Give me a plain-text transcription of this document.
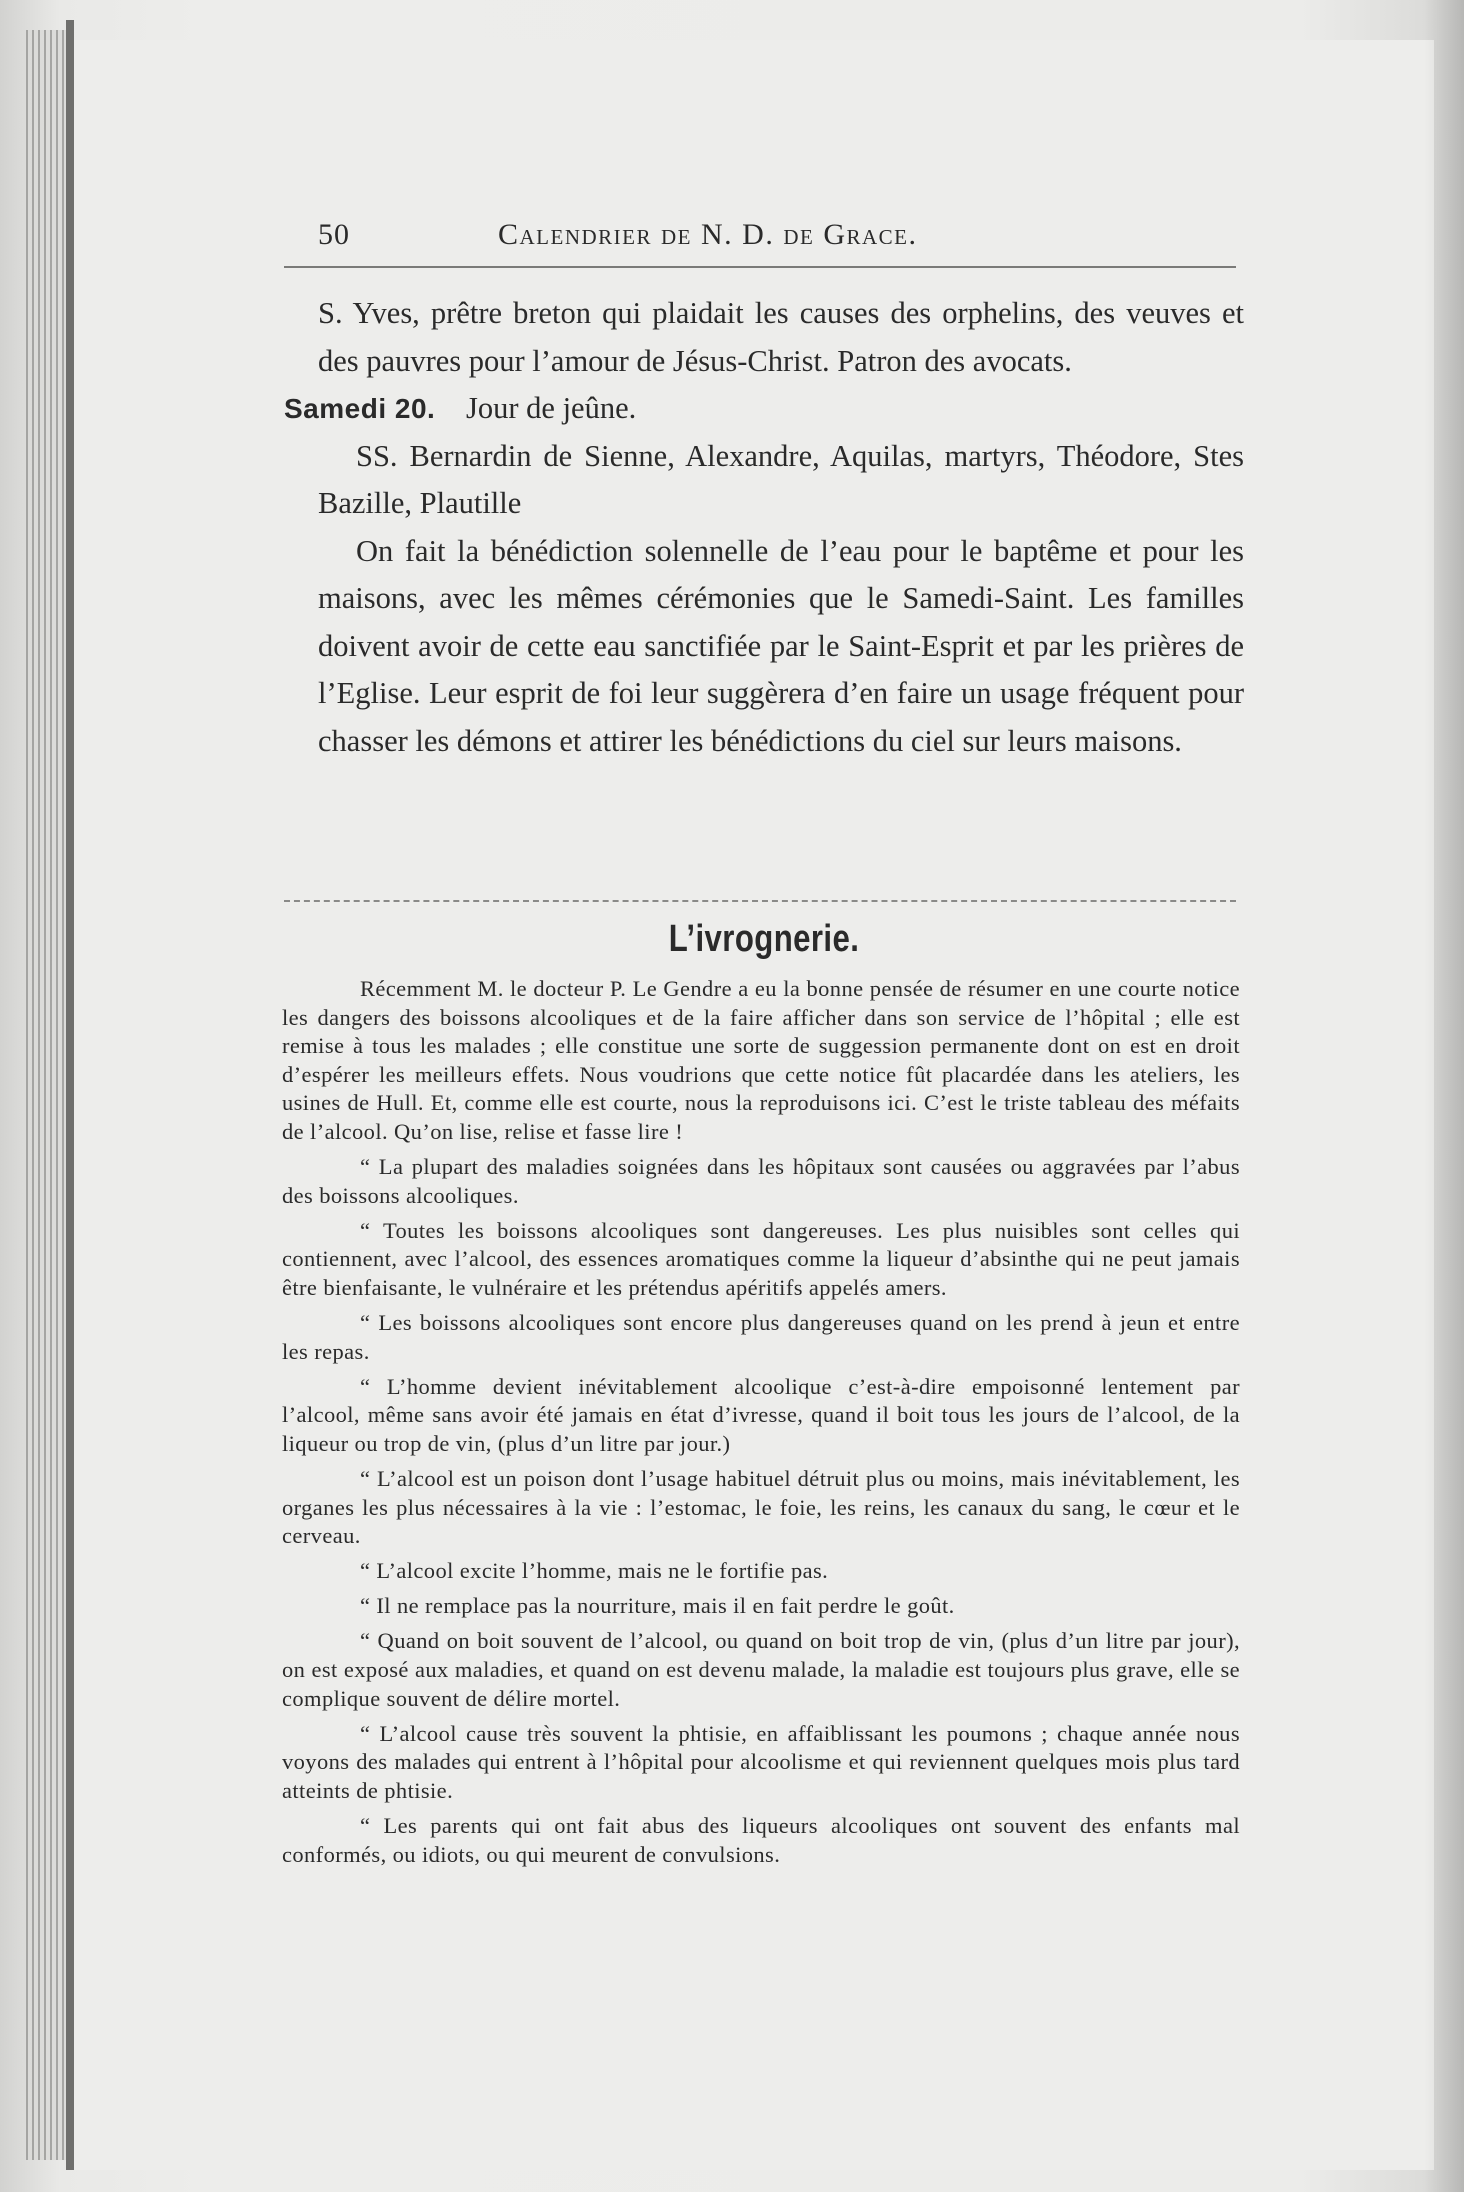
50	Calendrier de N. D. de Grace.

S. Yves, prêtre breton qui plaidait les causes des orphelins, des veuves et des pauvres pour l’amour de Jésus-Christ. Patron des avocats.

Samedi 20. Jour de jeûne.

SS. Bernardin de Sienne, Alexandre, Aquilas, martyrs, Théodore, Stes Bazille, Plautille

On fait la bénédiction solennelle de l’eau pour le baptême et pour les maisons, avec les mêmes cérémonies que le Samedi-Saint. Les familles doivent avoir de cette eau sanctifiée par le Saint-Esprit et par les prières de l’Eglise. Leur esprit de foi leur suggèrera d’en faire un usage fréquent pour chasser les démons et attirer les bénédictions du ciel sur leurs maisons.

L’ivrognerie.

Récemment M. le docteur P. Le Gendre a eu la bonne pensée de résumer en une courte notice les dangers des boissons alcooliques et de la faire afficher dans son service de l’hôpital ; elle est remise à tous les malades ; elle constitue une sorte de suggession permanente dont on est en droit d’espérer les meilleurs effets. Nous voudrions que cette notice fût placardée dans les ateliers, les usines de Hull. Et, comme elle est courte, nous la reproduisons ici. C’est le triste tableau des méfaits de l’alcool. Qu’on lise, relise et fasse lire !

“ La plupart des maladies soignées dans les hôpitaux sont causées ou aggravées par l’abus des boissons alcooliques.

“ Toutes les boissons alcooliques sont dangereuses. Les plus nuisibles sont celles qui contiennent, avec l’alcool, des essences aromatiques comme la liqueur d’absinthe qui ne peut jamais être bienfaisante, le vulnéraire et les prétendus apéritifs appelés amers.

“ Les boissons alcooliques sont encore plus dangereuses quand on les prend à jeun et entre les repas.

“ L’homme devient inévitablement alcoolique c’est-à-dire empoisonné lentement par l’alcool, même sans avoir été jamais en état d’ivresse, quand il boit tous les jours de l’alcool, de la liqueur ou trop de vin, (plus d’un litre par jour.)

“ L’alcool est un poison dont l’usage habituel détruit plus ou moins, mais inévitablement, les organes les plus nécessaires à la vie : l’estomac, le foie, les reins, les canaux du sang, le cœur et le cerveau.

“ L’alcool excite l’homme, mais ne le fortifie pas.

“ Il ne remplace pas la nourriture, mais il en fait perdre le goût.

“ Quand on boit souvent de l’alcool, ou quand on boit trop de vin, (plus d’un litre par jour), on est exposé aux maladies, et quand on est devenu malade, la maladie est toujours plus grave, elle se complique souvent de délire mortel.

“ L’alcool cause très souvent la phtisie, en affaiblissant les poumons ; chaque année nous voyons des malades qui entrent à l’hôpital pour alcoolisme et qui reviennent quelques mois plus tard atteints de phtisie.

“ Les parents qui ont fait abus des liqueurs alcooliques ont souvent des enfants mal conformés, ou idiots, ou qui meurent de convulsions.
